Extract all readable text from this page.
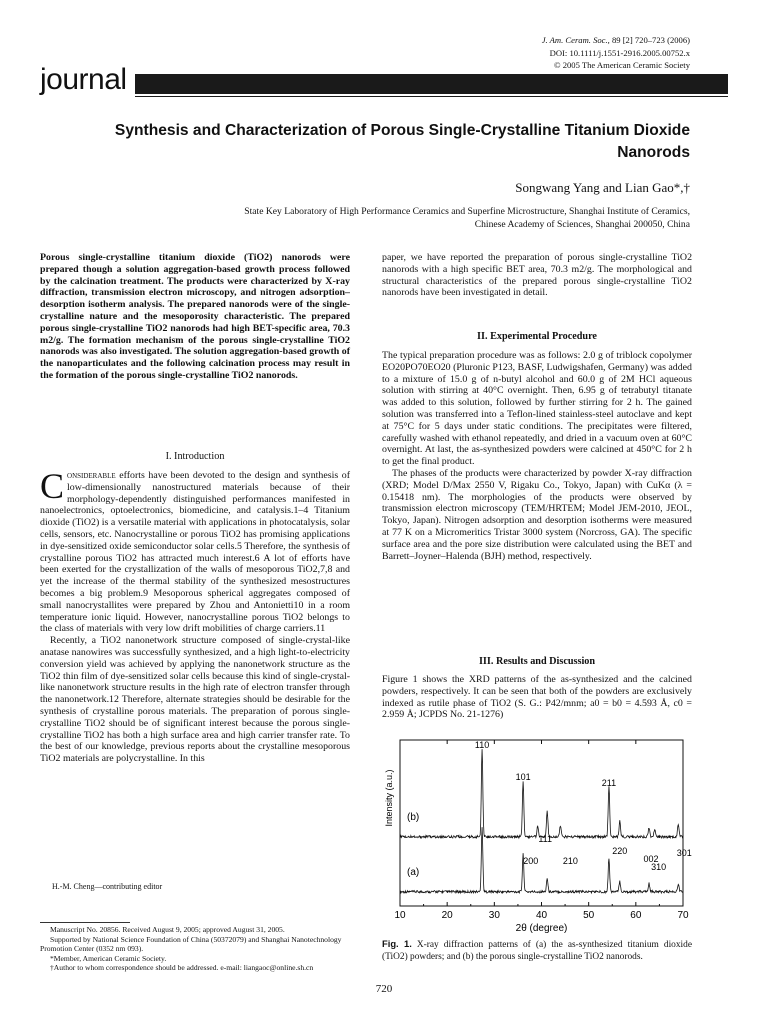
J. Am. Ceram. Soc., 89 [2] 720–723 (2006)
DOI: 10.1111/j.1551-2916.2005.00752.x
© 2005 The American Ceramic Society
journal
Synthesis and Characterization of Porous Single-Crystalline Titanium Dioxide Nanorods
Songwang Yang and Lian Gao*,†
State Key Laboratory of High Performance Ceramics and Superfine Microstructure, Shanghai Institute of Ceramics,
Chinese Academy of Sciences, Shanghai 200050, China
Porous single-crystalline titanium dioxide (TiO2) nanorods were prepared though a solution aggregation-based growth process followed by the calcination treatment. The products were characterized by X-ray diffraction, transmission electron microscopy, and nitrogen adsorption–desorption isotherm analysis. The prepared nanorods were of the single-crystalline nature and the mesoporosity characteristic. The prepared porous single-crystalline TiO2 nanorods had high BET-specific area, 70.3 m2/g. The formation mechanism of the porous single-crystalline TiO2 nanorods was also investigated. The solution aggregation-based growth of the nanoparticulates and the following calcination process may result in the formation of the porous single-crystalline TiO2 nanorods.
I. Introduction

Considerable efforts have been devoted to the design and synthesis of low-dimensionally nanostructured materials because of their morphology-dependently distinguished performances manifested in nanoelectronics, optoelectronics, biomedicine, and catalysis.1–4 Titanium dioxide (TiO2) is a versatile material with applications in photocatalysis, solar cells, sensors, etc. Nanocrystalline or porous TiO2 has promising applications in dye-sensitized oxide semiconductor solar cells.5 Therefore, the synthesis of crystalline porous TiO2 has attracted much interest.6 A lot of efforts have been exerted for the crystallization of the walls of mesoporous TiO2,7,8 and yet the increase of the thermal stability of the synthesized mesostructures becomes a big problem.9 Mesoporous spherical aggregates composed of small nanocrystallites were prepared by Zhou and Antonietti10 in a room temperature ionic liquid. However, nanocrystalline porous TiO2 belongs to the class of materials with very low drift mobilities of charge carriers.11

Recently, a TiO2 nanonetwork structure composed of single-crystal-like anatase nanowires was successfully synthesized, and a high light-to-electricity conversion yield was achieved by applying the nanonetwork structure as the TiO2 thin film of dye-sensitized solar cells because this kind of single-crystal-like nanonetwork structure results in the high rate of electron transfer through the nanonetwork.12 Therefore, alternate strategies should be desirable for the synthesis of crystalline porous materials. The preparation of porous single-crystalline TiO2 should be of significant interest because the porous single-crystalline TiO2 has both a high surface area and high carrier transfer rate. To the best of our knowledge, previous reports about the crystalline mesoporous TiO2 materials are polycrystalline. In this

H.-M. Cheng—contributing editor

Manuscript No. 20856. Received August 9, 2005; approved August 31, 2005.

Supported by National Science Foundation of China (50372079) and Shanghai Nanotechnology Promotion Center (0352 nm 093).

*Member, American Ceramic Society.

†Author to whom correspondence should be addressed. e-mail: liangaoc@online.sh.cn

paper, we have reported the preparation of porous single-crystalline TiO2 nanorods with a high specific BET area, 70.3 m2/g. The morphological and structural characteristics of the prepared porous single-crystalline TiO2 nanorods have been investigated in detail.
II. Experimental Procedure

The typical preparation procedure was as follows: 2.0 g of triblock copolymer EO20PO70EO20 (Pluronic P123, BASF, Ludwigshafen, Germany) was added to a mixture of 15.0 g of n-butyl alcohol and 60.0 g of 2M HCl aqueous solution with stirring at 40°C overnight. Then, 6.95 g of tetrabutyl titanate was added to this solution, followed by further stirring for 2 h. The gained solution was transferred into a Teflon-lined stainless-steel autoclave and kept at 75°C for 5 days under static conditions. The precipitates were filtered, carefully washed with ethanol repeatedly, and dried in a vacuum oven at 60°C overnight. At last, the as-synthesized powders were calcined at 450°C for 2 h to get the final product.

The phases of the products were characterized by powder X-ray diffraction (XRD; Model D/Max 2550 V, Rigaku Co., Tokyo, Japan) with CuKα (λ = 0.15418 nm). The morphologies of the products were observed by transmission electron microscopy (TEM/HRTEM; Model JEM-2010, JEOL, Tokyo, Japan). Nitrogen adsorption and desorption isotherms were measured at 77 K on a Micromeritics Tristar 3000 system (Norcross, GA). The specific surface area and the pore size distribution were calculated using the BET and Barrett–Joyner–Halenda (BJH) method, respectively.

III. Results and Discussion
Figure 1 shows the XRD patterns of the as-synthesized and the calcined powders, respectively. It can be seen that both of the powders are exclusively indexed as rutile phase of TiO2 (S. G.: P42/mnm; a0 = b0 = 4.593 Å, c0 = 2.959 Å; JCPDS No. 21-1276)
10	20	30	40	50	60	70
2θ (degree)
Intensity (a.u.)
(a)
(b)
110
101
111
200	210
211
220
002
310
301
Fig. 1. X-ray diffraction patterns of (a) the as-synthesized titanium dioxide (TiO2) powders; and (b) the porous single-crystalline TiO2 nanorods.
720
